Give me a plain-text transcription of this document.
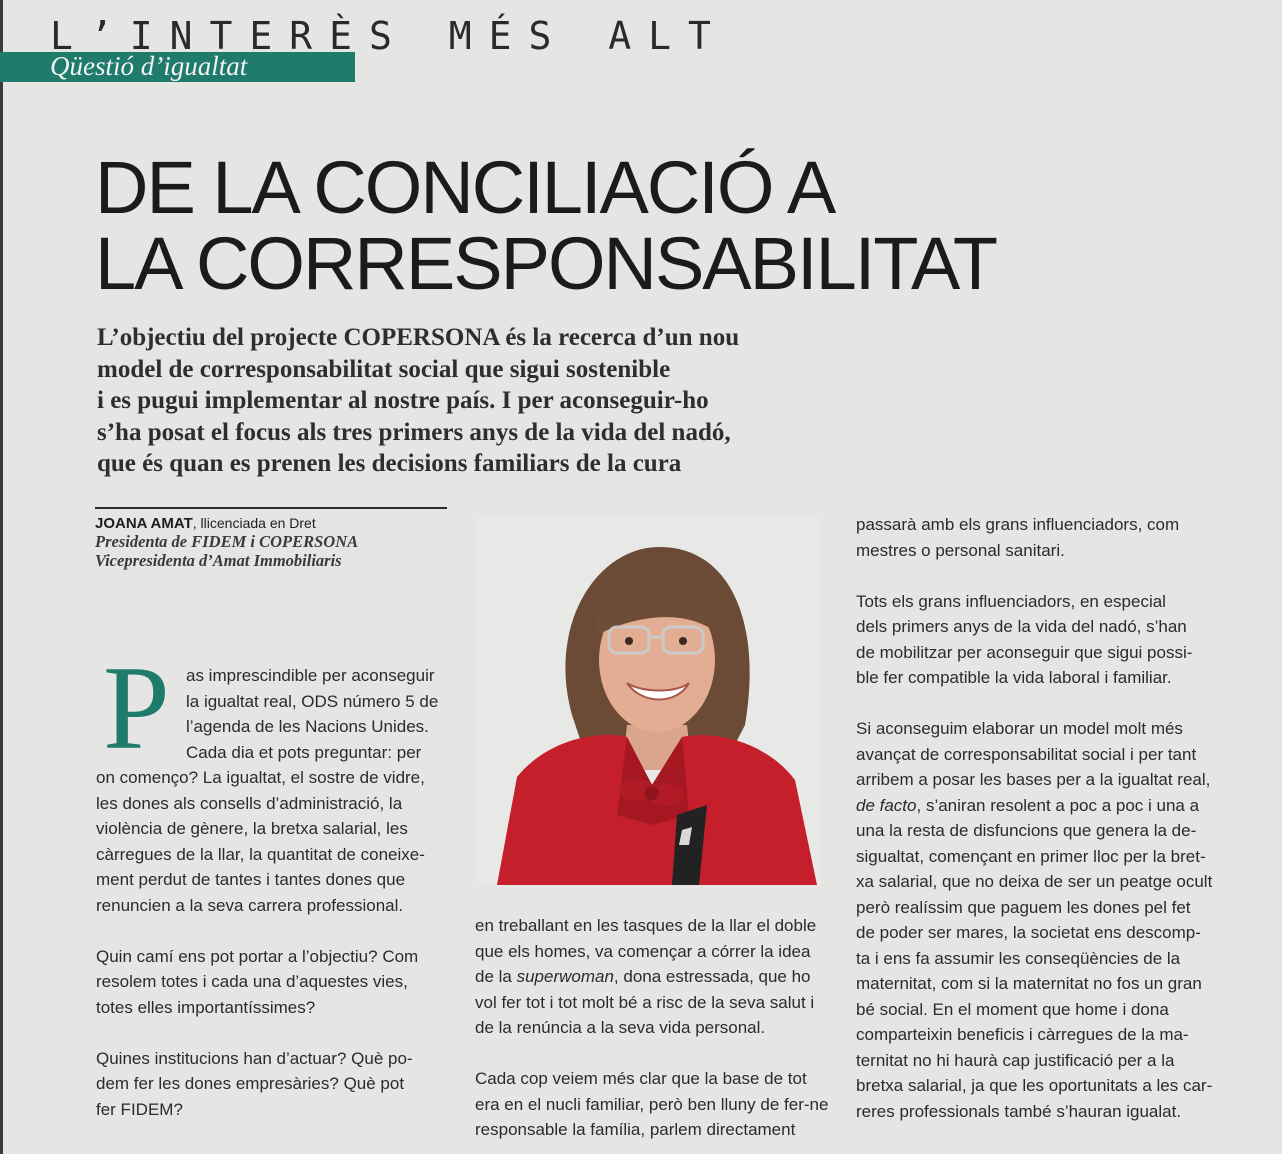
L’INTERÈS MÉS ALT
Qüestió d’igualtat
DE LA CONCILIACIÓ A
LA CORRESPONSABILITAT

L’objectiu del projecte COPERSONA és la recerca d’un nou
model de corresponsabilitat social que sigui sostenible
i es pugui implementar al nostre país. I per aconseguir-ho
s’ha posat el focus als tres primers anys de la vida del nadó,
que és quan es prenen les decisions familiars de la cura

JOANA AMAT, llicenciada en Dret
Presidenta de FIDEM i COPERSONA
Vicepresidenta d’Amat Immobiliaris
P as imprescindible per aconseguir
la igualtat real, ODS número 5 de
l’agenda de les Nacions Unides.
Cada dia et pots preguntar: per
on començo? La igualtat, el sostre de vidre,
les dones als consells d’administració, la
violència de gènere, la bretxa salarial, les
càrregues de la llar, la quantitat de coneixe-
ment perdut de tantes i tantes dones que
renuncien a la seva carrera professional.
Quin camí ens pot portar a l’objectiu? Com
resolem totes i cada una d’aquestes vies,
totes elles importantíssimes?
Quines institucions han d’actuar? Què po-
dem fer les dones empresàries? Què pot
fer FIDEM?
en treballant en les tasques de la llar el doble
que els homes, va començar a córrer la idea
de la superwoman, dona estressada, que ho
vol fer tot i tot molt bé a risc de la seva salut i
de la renúncia a la seva vida personal.
Cada cop veiem més clar que la base de tot
era en el nucli familiar, però ben lluny de fer-ne
responsable la família, parlem directament
passarà amb els grans influenciadors, com
mestres o personal sanitari.
Tots els grans influenciadors, en especial
dels primers anys de la vida del nadó, s’han
de mobilitzar per aconseguir que sigui possi-
ble fer compatible la vida laboral i familiar.
Si aconseguim elaborar un model molt més
avançat de corresponsabilitat social i per tant
arribem a posar les bases per a la igualtat real,
de facto, s’aniran resolent a poc a poc i una a
una la resta de disfuncions que genera la de-
sigualtat, començant en primer lloc per la bret-
xa salarial, que no deixa de ser un peatge ocult
però realíssim que paguem les dones pel fet
de poder ser mares, la societat ens descomp-
ta i ens fa assumir les conseqüències de la
maternitat, com si la maternitat no fos un gran
bé social. En el moment que home i dona
comparteixin beneficis i càrregues de la ma-
ternitat no hi haurà cap justificació per a la
bretxa salarial, ja que les oportunitats a les car-
reres professionals també s’hauran igualat.
